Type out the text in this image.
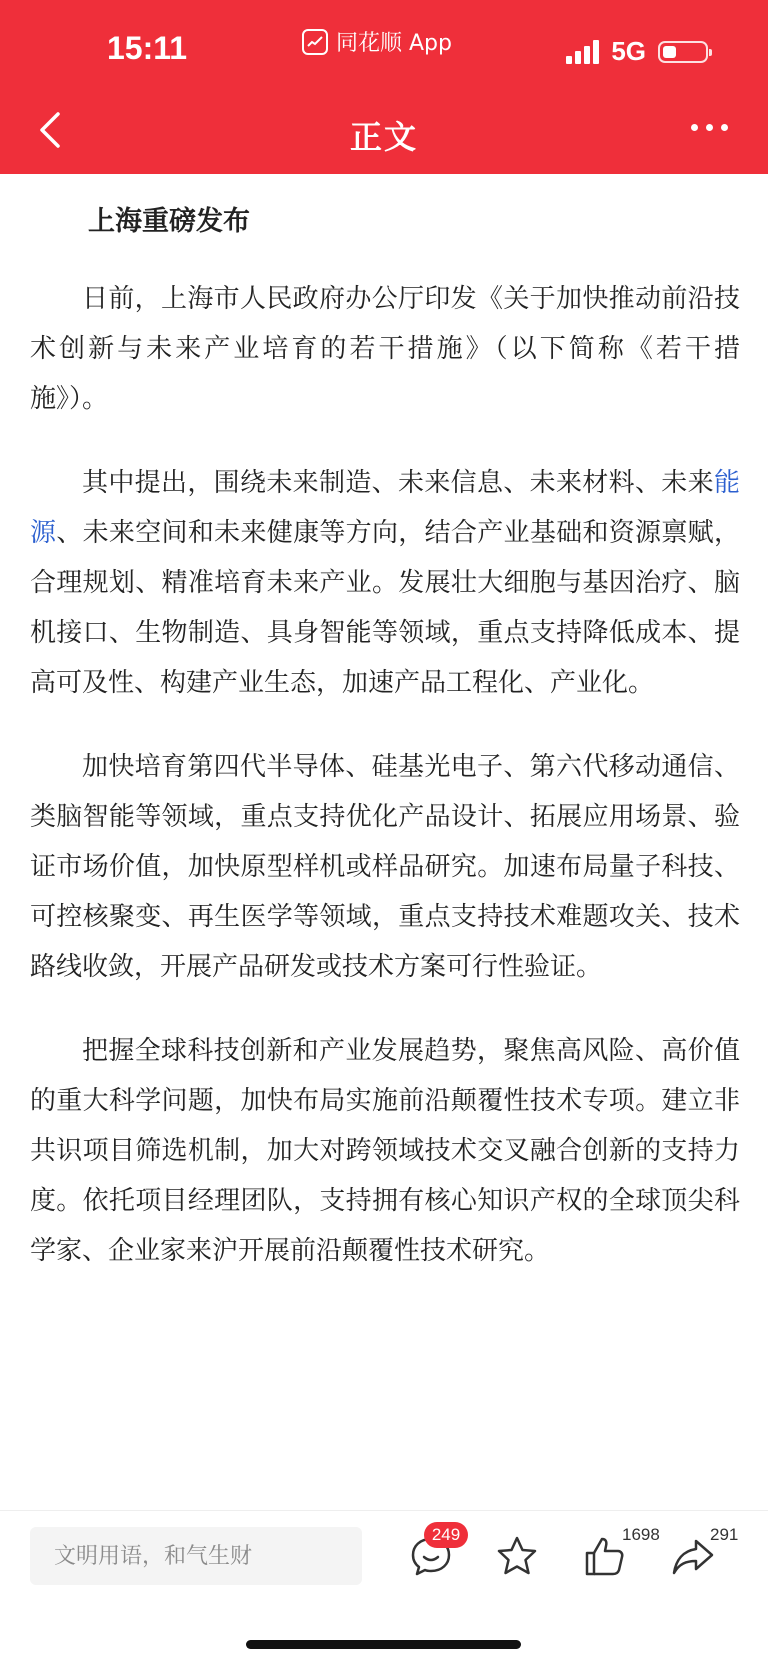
15:11	同花顺 App	5G
正文
上海重磅发布

日前，上海市人民政府办公厅印发《关于加快推动前沿技术创新与未来产业培育的若干措施》（以下简称《若干措施》）。

其中提出，围绕未来制造、未来信息、未来材料、未来能源、未来空间和未来健康等方向，结合产业基础和资源禀赋，合理规划、精准培育未来产业。发展壮大细胞与基因治疗、脑机接口、生物制造、具身智能等领域，重点支持降低成本、提高可及性、构建产业生态，加速产品工程化、产业化。

加快培育第四代半导体、硅基光电子、第六代移动通信、类脑智能等领域，重点支持优化产品设计、拓展应用场景、验证市场价值，加快原型样机或样品研究。加速布局量子科技、可控核聚变、再生医学等领域，重点支持技术难题攻关、技术路线收敛，开展产品研发或技术方案可行性验证。

把握全球科技创新和产业发展趋势，聚焦高风险、高价值的重大科学问题，加快布局实施前沿颠覆性技术专项。建立非共识项目筛选机制，加大对跨领域技术交叉融合创新的支持力度。依托项目经理团队，支持拥有核心知识产权的全球顶尖科学家、企业家来沪开展前沿颠覆性技术研究。

文明用语，和气生财
249	1698	291
